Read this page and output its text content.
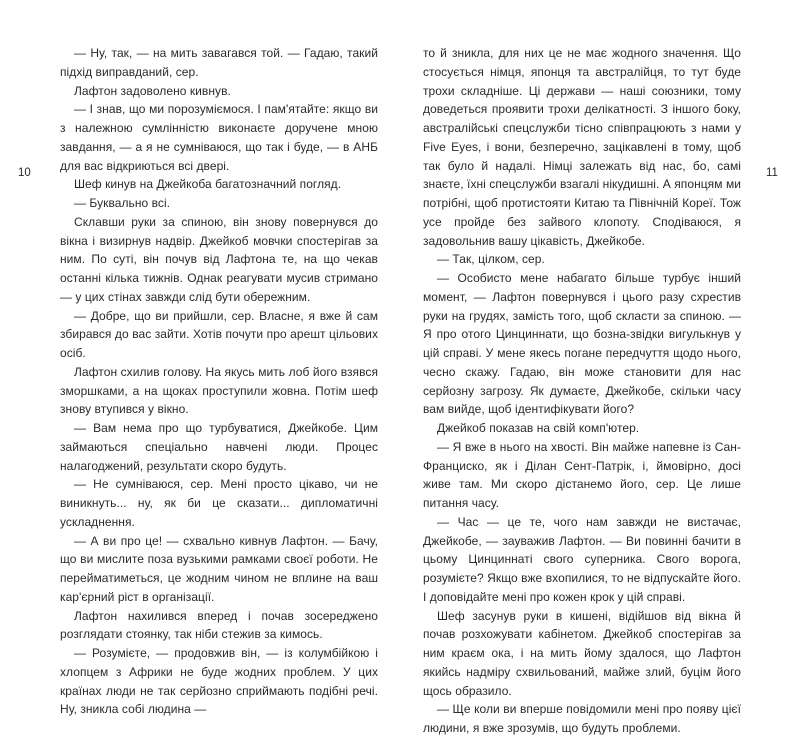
10	11

— Ну, так, — на мить завагався той. — Гадаю, такий підхід виправданий, сер.

Лафтон задоволено кивнув.

— І знав, що ми порозуміємося. І пам'ятайте: якщо ви з належною сумлінністю виконаєте доручене мною завдання, — а я не сумніваюся, що так і буде, — в АНБ для вас відкриються всі двері.

Шеф кинув на Джейкоба багатозначний погляд.

— Буквально всі.

Склавши руки за спиною, він знову повернувся до вікна і визирнув надвір. Джейкоб мовчки спостерігав за ним. По суті, він почув від Лафтона те, на що чекав останні кілька тижнів. Однак реагувати мусив стримано — у цих стінах завжди слід бути обережним.

— Добре, що ви прийшли, сер. Власне, я вже й сам збирався до вас зайти. Хотів почути про арешт цільових осіб.

Лафтон схилив голову. На якусь мить лоб його взявся зморшками, а на щоках проступили жовна. Потім шеф знову втупився у вікно.

— Вам нема про що турбуватися, Джейкобе. Цим займаються спеціально навчені люди. Процес налагоджений, результати скоро будуть.

— Не сумніваюся, сер. Мені просто цікаво, чи не виникнуть... ну, як би це сказати... дипломатичні ускладнення.

— А ви про це! — схвально кивнув Лафтон. — Бачу, що ви мислите поза вузькими рамками своєї роботи. Не перейматиметься, це жодним чином не вплине на ваш кар'єрний ріст в організації.

Лафтон нахилився вперед і почав зосереджено розглядати стоянку, так ніби стежив за кимось.

— Розумієте, — продовжив він, — із колумбійкою і хлопцем з Африки не буде жодних проблем. У цих країнах люди не так серйозно сприймають подібні речі. Ну, зникла собі людина —

то й зникла, для них це не має жодного значення. Що стосується німця, японця та австралійця, то тут буде трохи складніше. Ці держави — наші союзники, тому доведеться проявити трохи делікатності. З іншого боку, австралійські спецслужби тісно співпрацюють з нами у Five Eyes, і вони, безперечно, зацікавлені в тому, щоб так було й надалі. Німці залежать від нас, бо, самі знаєте, їхні спецслужби взагалі нікудишні. А японцям ми потрібні, щоб протистояти Китаю та Північній Кореї. Тож усе пройде без зайвого клопоту. Сподіваюся, я задовольнив вашу цікавість, Джейкобе.

— Так, цілком, сер.

— Особисто мене набагато більше турбує інший момент, — Лафтон повернувся і цього разу схрестив руки на грудях, замість того, щоб скласти за спиною. — Я про отого Цинциннати, що бозна-звідки вигулькнув у цій справі. У мене якесь погане передчуття щодо нього, чесно скажу. Гадаю, він може становити для нас серйозну загрозу. Як думаєте, Джейкобе, скільки часу вам вийде, щоб ідентифікувати його?

Джейкоб показав на свій комп'ютер.

— Я вже в нього на хвості. Він майже напевне із Сан-Франциско, як і Ділан Сент-Патрік, і, ймовірно, досі живе там. Ми скоро дістанемо його, сер. Це лише питання часу.

— Час — це те, чого нам завжди не вистачає, Джейкобе, — зауважив Лафтон. — Ви повинні бачити в цьому Цинциннаті свого суперника. Свого ворога, розумієте? Якщо вже вхопилися, то не відпускайте його. І доповідайте мені про кожен крок у цій справі.

Шеф засунув руки в кишені, відійшов від вікна й почав розхожувати кабінетом. Джейкоб спостерігав за ним краєм ока, і на мить йому здалося, що Лафтон якийсь надміру схвильований, майже злий, буцім його щось образило.

— Ще коли ви вперше повідомили мені про появу цієї людини, я вже зрозумів, що будуть проблеми.
